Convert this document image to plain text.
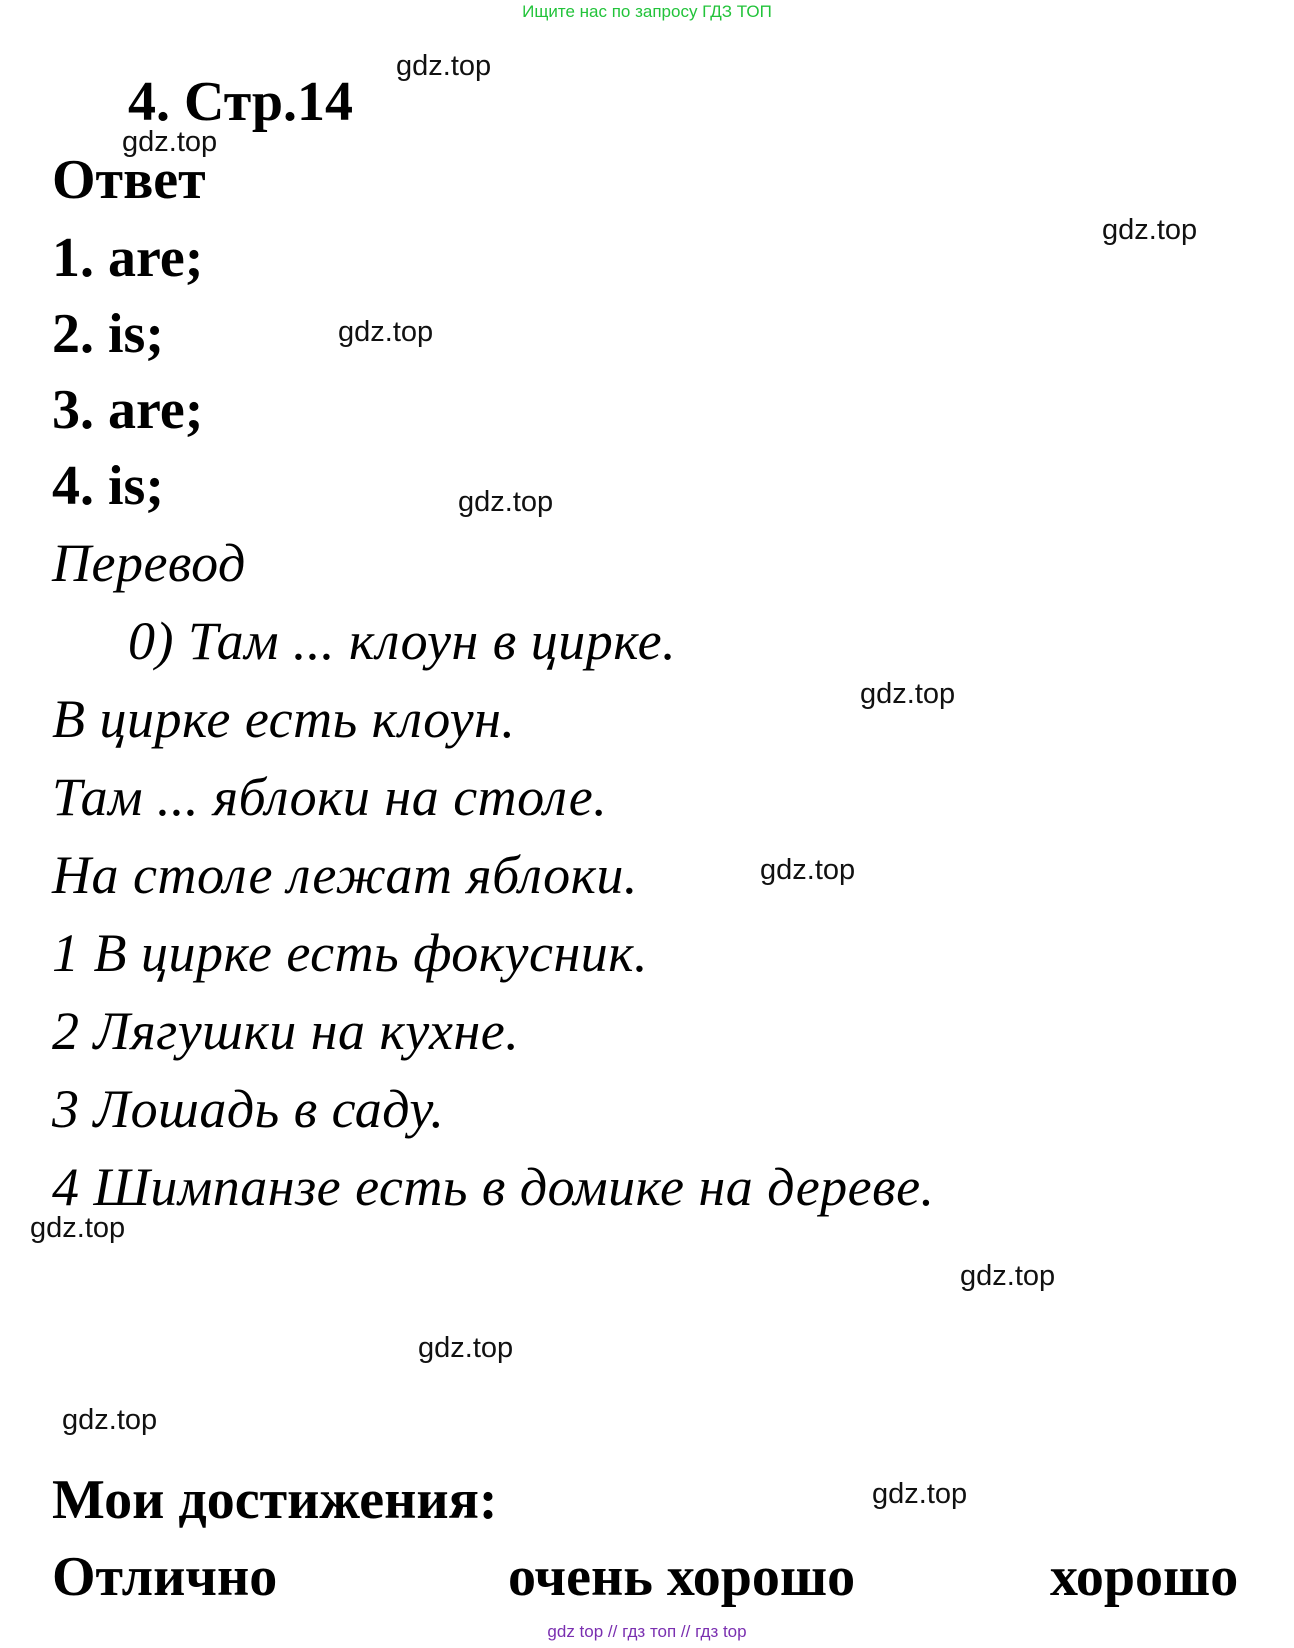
Ищите нас по запросу ГДЗ ТОП
4. Стр.14
Ответ
1. are;
2. is;
3. are;
4. is;
Перевод
0) Там ... клоун в цирке.
В цирке есть клоун.
Там ... яблоки на столе.
На столе лежат яблоки.
1 В цирке есть фокусник.
2 Лягушки на кухне.
3 Лошадь в саду.
4 Шимпанзе есть в домике на дереве.
Мои достижения:
Отлично	очень хорошо	хорошо
gdz.top
gdz.top
gdz.top
gdz.top
gdz.top
gdz.top
gdz.top
gdz.top
gdz.top
gdz.top
gdz.top
gdz.top
gdz top // гдз топ // гдз top
